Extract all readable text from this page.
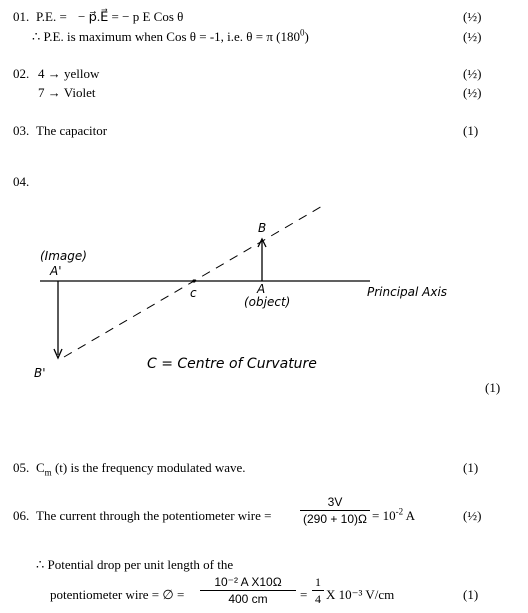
01. P.E. = − p⃗.E⃗ = − p E Cos θ	(½)
∴ P.E. is maximum when Cos θ = -1, i.e. θ = π $(180^0)$	(½)
02. 4 → yellow	(½)
7 → Violet	(½)
03. The capacitor	(1)
04.
(Image)
A'
B'
c	A
B
(object)
Principal Axis
C = Centre of Curvature
(1)
05. $C_m$ (t) is the frequency modulated wave.	(1)
06. The current through the potentiometer wire =
3V
$(290 + 10)\Omega = 10^{-2}$ A	(½)
∴ Potential drop per unit length of the
potentiometer wire = ∅ =
10⁻² A X10Ω
400 cm	=
1
4 X 10⁻³ V/cm	(1)
